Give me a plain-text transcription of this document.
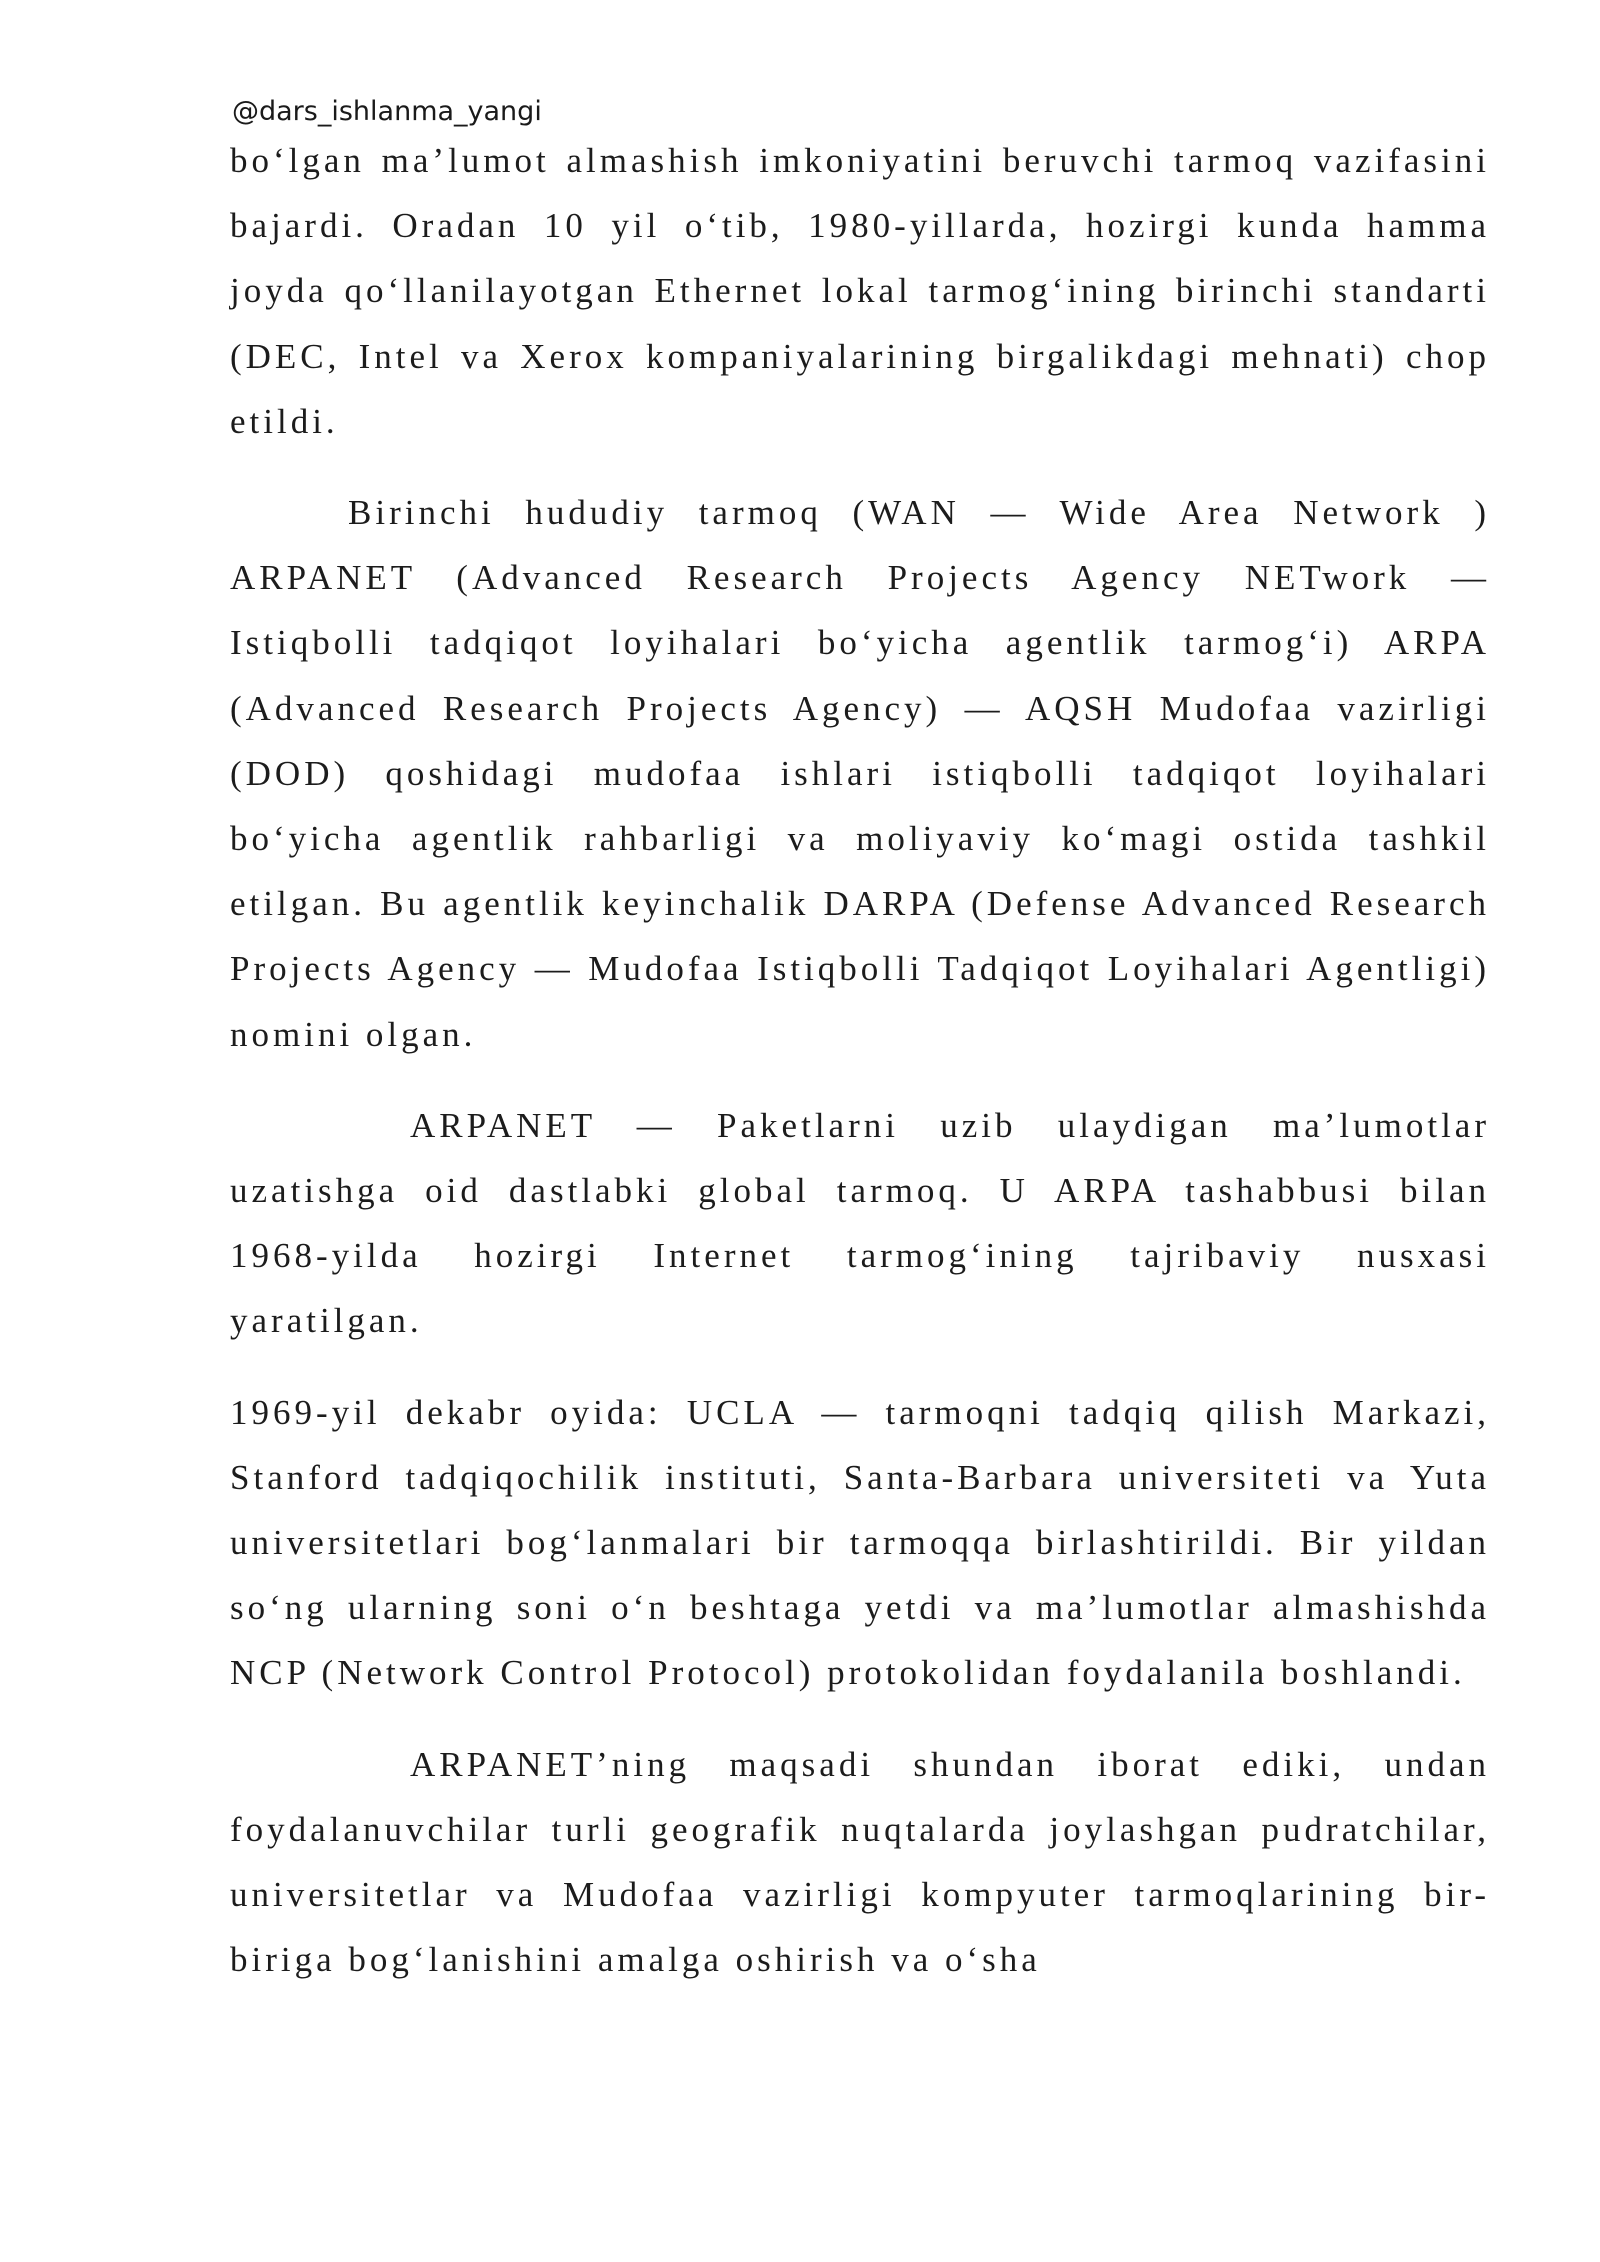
@dars_ishlanma_yangi

bo‘lgan ma’lumot almashish imkoniyatini beruvchi tarmoq vazifasini bajardi. Oradan 10 yil o‘tib, 1980-yillarda, hozirgi kunda hamma joyda qo‘llanilayotgan Ethernet lokal tarmog‘ining birinchi standarti (DEC, Intel va Xerox kompaniyalarining birgalikdagi mehnati) chop etildi.

Birinchi hududiy tarmoq (WAN — Wide Area Network ) ARPANET (Advanced Research Projects Agency NETwork — Istiqbolli tadqiqot loyihalari bo‘yicha agentlik tarmog‘i) ARPA (Advanced Research Projects Agency) — AQSH Mudofaa vazirligi (DOD) qoshidagi mudofaa ishlari istiqbolli tadqiqot loyihalari bo‘yicha agentlik rahbarligi va moliyaviy ko‘magi ostida tashkil etilgan. Bu agentlik keyinchalik DARPA (Defense Advanced Research Projects Agency — Mudofaa Istiqbolli Tadqiqot Loyihalari Agentligi) nomini olgan.

ARPANET — Paketlarni uzib ulaydigan ma’lumotlar uzatishga oid dastlabki global tarmoq. U ARPA tashabbusi bilan 1968-yilda hozirgi Internet tarmog‘ining tajribaviy nusxasi yaratilgan.

1969-yil dekabr oyida: UCLA — tarmoqni tadqiq qilish Markazi, Stanford tadqiqochilik instituti, Santa-Barbara universiteti va Yuta universitetlari bog‘lanmalari bir tarmoqqa birlashtirildi. Bir yildan so‘ng ularning soni o‘n beshtaga yetdi va ma’lumotlar almashishda NCP (Network Control Protocol) protokolidan foydalanila boshlandi.

ARPANET’ning maqsadi shundan iborat ediki, undan foydalanuvchilar turli geografik nuqtalarda joylashgan pudratchilar, universitetlar va Mudofaa vazirligi kompyuter tarmoqlarining bir-biriga bog‘lanishini amalga oshirish va o‘sha
